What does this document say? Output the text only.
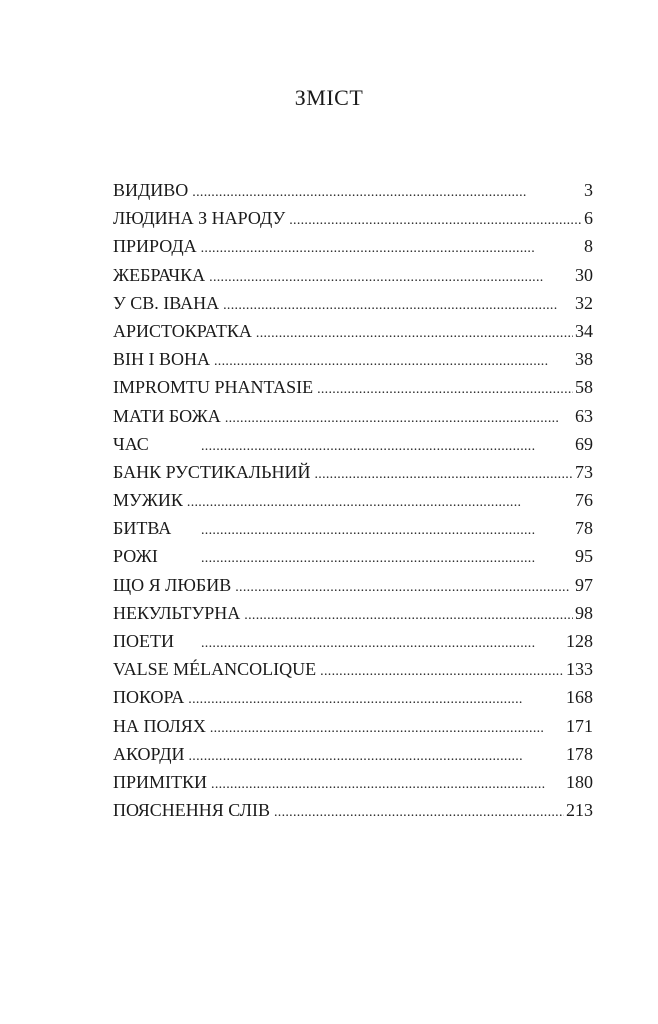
ЗМІСТ
ВИДИВО . . .	3
ЛЮДИНА З НАРОДУ . . .	6
ПРИРОДА . . .	8
ЖЕБРАЧКА . . .	30
У СВ. ІВАНА . . .	32
АРИСТОКРАТКА . . .	34
ВІН І ВОНА . . .	38
IMPROMTU PHANTASIE . . .	58
МАТИ БОЖА . . .	63
ЧАС . . .	69
БАНК РУСТИКАЛЬНИЙ . . .	73
МУЖИК . . .	76
БИТВА . . .	78
РОЖІ . . .	95
ЩО Я ЛЮБИВ . . .	97
НЕКУЛЬТУРНА . . .	98
ПОЕТИ . . .	128
VALSE MÉLANCOLIQUE . . .	133
ПОКОРА . . .	168
НА ПОЛЯХ . . .	171
АКОРДИ . . .	178
ПРИМІТКИ . . .	180
ПОЯСНЕННЯ СЛІВ . . .	213
